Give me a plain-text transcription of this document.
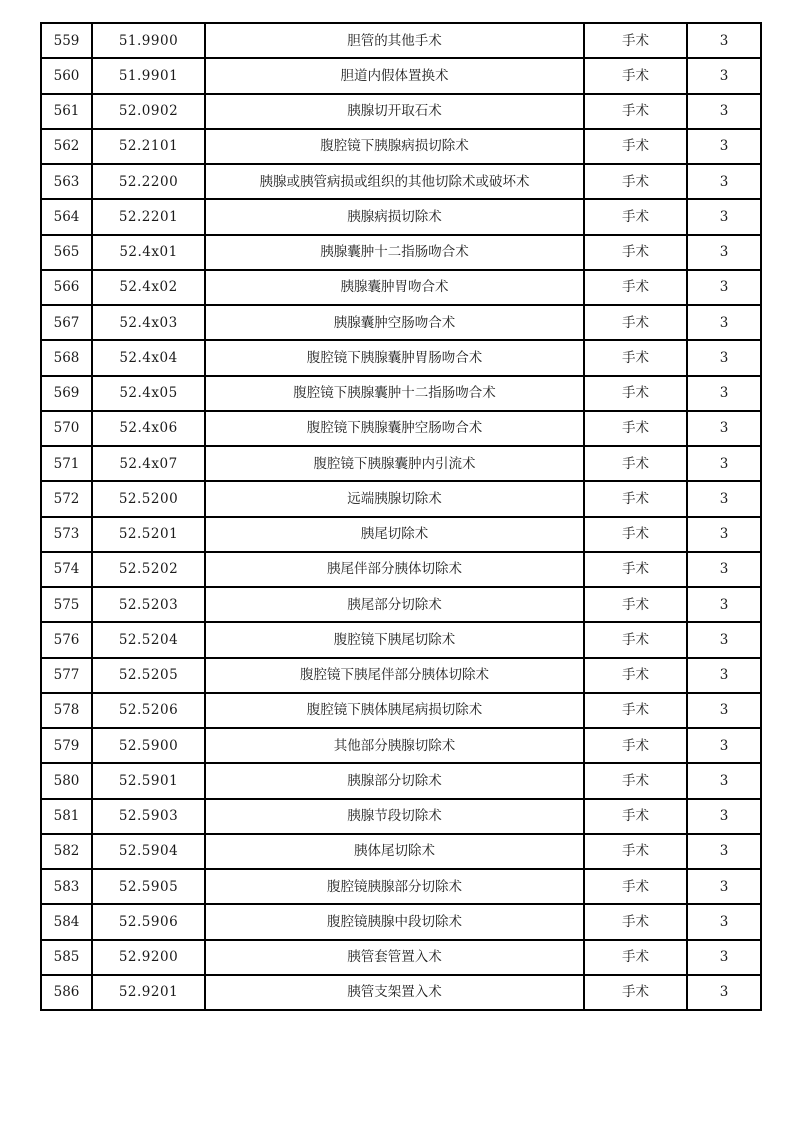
559	51.9900	胆管的其他手术	手术	3
560	51.9901	胆道内假体置换术	手术	3
561	52.0902	胰腺切开取石术	手术	3
562	52.2101	腹腔镜下胰腺病损切除术	手术	3
563	52.2200	胰腺或胰管病损或组织的其他切除术或破坏术	手术	3
564	52.2201	胰腺病损切除术	手术	3
565	52.4x01	胰腺囊肿十二指肠吻合术	手术	3
566	52.4x02	胰腺囊肿胃吻合术	手术	3
567	52.4x03	胰腺囊肿空肠吻合术	手术	3
568	52.4x04	腹腔镜下胰腺囊肿胃肠吻合术	手术	3
569	52.4x05	腹腔镜下胰腺囊肿十二指肠吻合术	手术	3
570	52.4x06	腹腔镜下胰腺囊肿空肠吻合术	手术	3
571	52.4x07	腹腔镜下胰腺囊肿内引流术	手术	3
572	52.5200	远端胰腺切除术	手术	3
573	52.5201	胰尾切除术	手术	3
574	52.5202	胰尾伴部分胰体切除术	手术	3
575	52.5203	胰尾部分切除术	手术	3
576	52.5204	腹腔镜下胰尾切除术	手术	3
577	52.5205	腹腔镜下胰尾伴部分胰体切除术	手术	3
578	52.5206	腹腔镜下胰体胰尾病损切除术	手术	3
579	52.5900	其他部分胰腺切除术	手术	3
580	52.5901	胰腺部分切除术	手术	3
581	52.5903	胰腺节段切除术	手术	3
582	52.5904	胰体尾切除术	手术	3
583	52.5905	腹腔镜胰腺部分切除术	手术	3
584	52.5906	腹腔镜胰腺中段切除术	手术	3
585	52.9200	胰管套管置入术	手术	3
586	52.9201	胰管支架置入术	手术	3
